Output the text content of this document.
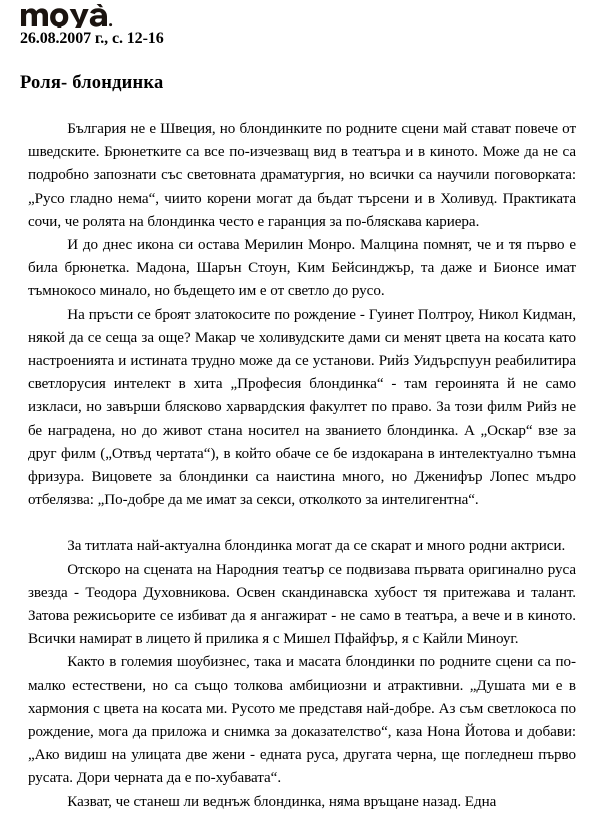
26.08.2007 г., с. 12-16
Роля- блондинка

България не е Швеция, но блондинките по родните сцени май стават повече от шведските. Брюнетките са все по-изчезващ вид в театъра и в киното. Може да не са подробно запознати със световната драматургия, но всички са научили поговорката: „Русо гладно нема“, чиито корени могат да бъдат търсени и в Холивуд. Практиката сочи, че ролята на блондинка често е гаранция за по-бляскава кариера.

И до днес икона си остава Мерилин Монро. Малцина помнят, че и тя първо е била брюнетка. Мадона, Шарън Стоун, Ким Бейсинджър, та даже и Бионсе имат тъмнокосо минало, но бъдещето им е от светло до русо.

На пръсти се броят златокосите по рождение - Гуинет Полтроу, Никол Кидман, някой да се сеща за още? Макар че холивудските дами си менят цвета на косата като настроенията и истината трудно може да се установи. Рийз Уидърспуун реабилитира светлорусия интелект в хита „Професия блондинка“ - там героинята й не само изкласи, но завърши блясково харвардския факултет по право. За този филм Рийз не бе наградена, но до живот стана носител на званието блондинка. А „Оскар“ взе за друг филм („Отвъд чертата“), в който обаче се бе издокарана в интелектуално тъмна фризура. Вицовете за блондинки са наистина много, но Дженифър Лопес мъдро отбелязва: „По-добре да ме имат за секси, отколкото за интелигентна“.

За титлата най-актуална блондинка могат да се скарат и много родни актриси.

Отскоро на сцената на Народния театър се подвизава първата оригинално руса звезда - Теодора Духовникова. Освен скандинавска хубост тя притежава и талант. Затова режисьорите се избиват да я ангажират - не само в театъра, а вече и в киното. Всички намират в лицето й прилика я с Мишел Пфайфър, я с Кайли Миноуг.

Както в големия шоубизнес, така и масата блондинки по родните сцени са по-малко естествени, но са също толкова амбициозни и атрактивни. „Душата ми е в хармония с цвета на косата ми. Русото ме представя най-добре. Аз съм светлокоса по рождение, мога да приложа и снимка за доказателство“, каза Нона Йотова и добави: „Ако видиш на улицата две жени - едната руса, другата черна, ще погледнеш първо русата. Дори черната да е по-хубавата“.

Казват, че станеш ли веднъж блондинка, няма връщане назад. Една
